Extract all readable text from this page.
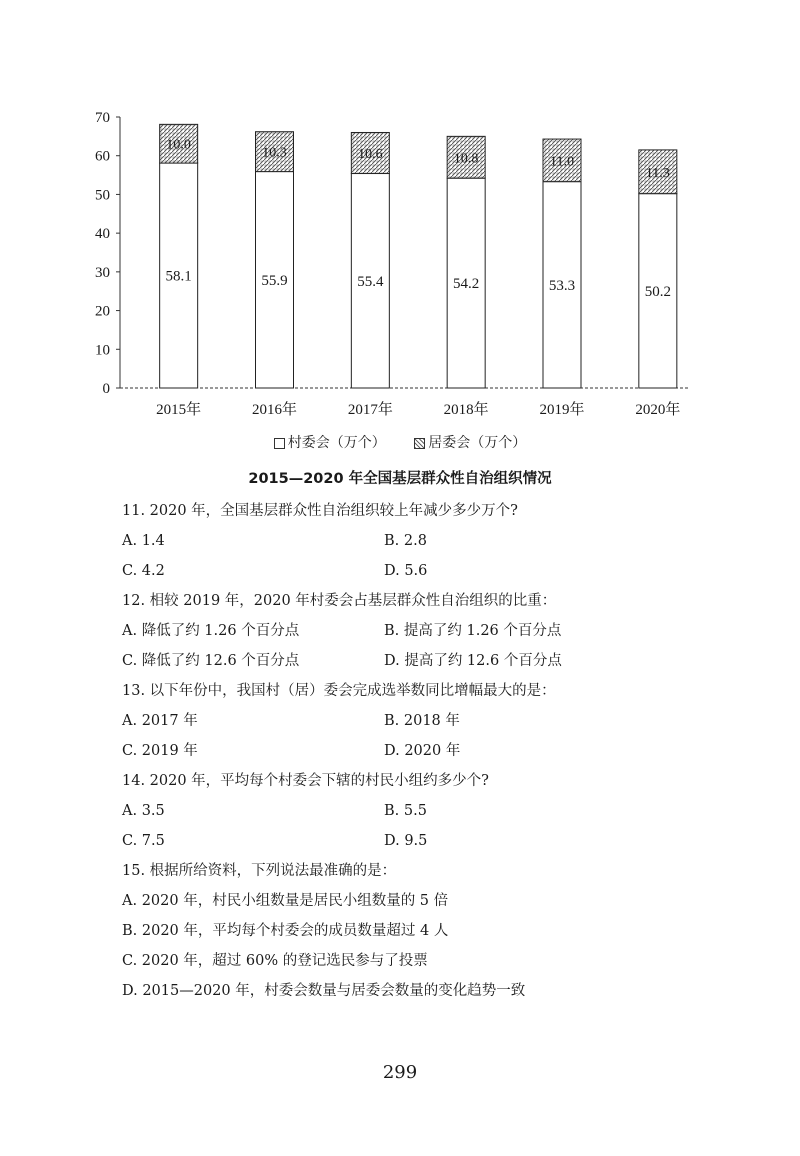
0
10
20
30
40
50
60
70
2015年	2016年	2017年	2018年	2019年	2020年
58.1
10.0
55.9
10.3
55.4
10.6
54.2
10.8
53.3
11.0
50.2
11.3
村委会（万个）	居委会（万个）
2015—2020 年全国基层群众性自治组织情况
11. 2020 年，全国基层群众性自治组织较上年减少多少万个?
A. 1.4	B. 2.8
C. 4.2	D. 5.6
12. 相较 2019 年，2020 年村委会占基层群众性自治组织的比重：
A. 降低了约 1.26 个百分点	B. 提高了约 1.26 个百分点
C. 降低了约 12.6 个百分点	D. 提高了约 12.6 个百分点
13. 以下年份中，我国村（居）委会完成选举数同比增幅最大的是：
A. 2017 年	B. 2018 年
C. 2019 年	D. 2020 年
14. 2020 年，平均每个村委会下辖的村民小组约多少个?
A. 3.5	B. 5.5
C. 7.5	D. 9.5
15. 根据所给资料，下列说法最准确的是：
A. 2020 年，村民小组数量是居民小组数量的 5 倍
B. 2020 年，平均每个村委会的成员数量超过 4 人
C. 2020 年，超过 60% 的登记选民参与了投票
D. 2015—2020 年，村委会数量与居委会数量的变化趋势一致
299
